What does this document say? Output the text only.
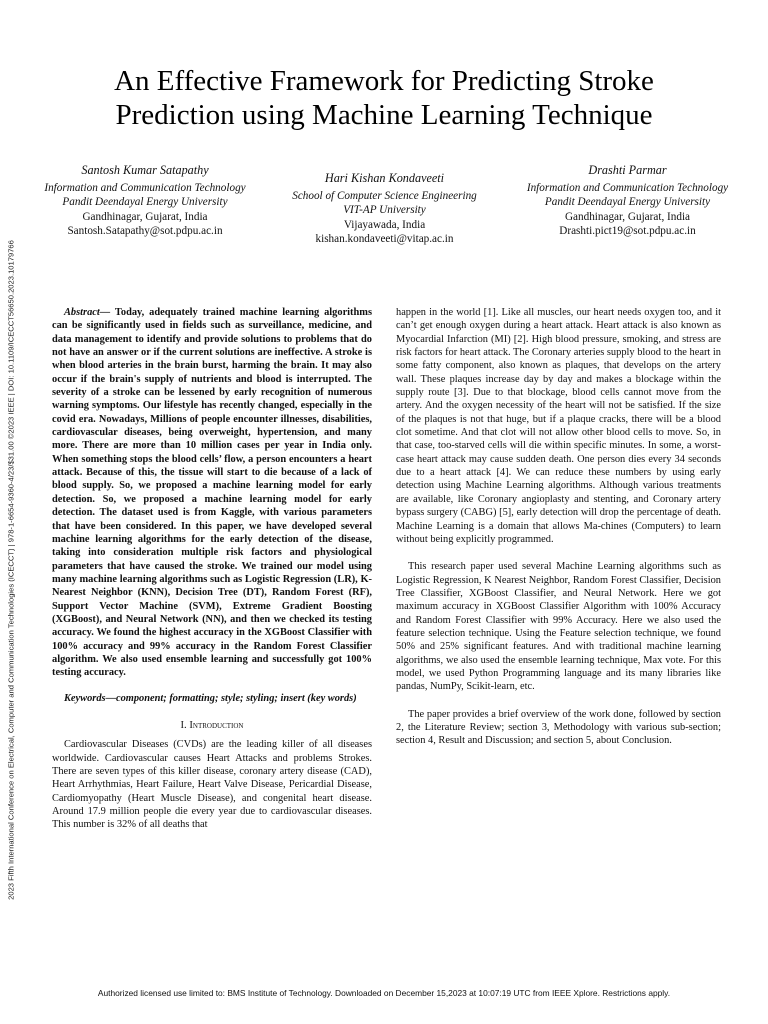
2023 Fifth International Conference on Electrical, Computer and Communication Technologies (ICECCT) | 978-1-6654-9360-4/23/$31.00 ©2023 IEEE | DOI: 10.1109/ICECCT56650.2023.10179766
An Effective Framework for Predicting Stroke Prediction using Machine Learning Technique
Santosh Kumar Satapathy
Information and Communication Technology
Pandit Deendayal Energy University
Gandhinagar, Gujarat, India
Santosh.Satapathy@sot.pdpu.ac.in
Hari Kishan Kondaveeti
School of Computer Science Engineering
VIT-AP University
Vijayawada, India
kishan.kondaveeti@vitap.ac.in
Drashti Parmar
Information and Communication Technology
Pandit Deendayal Energy University
Gandhinagar, Gujarat, India
Drashti.pict19@sot.pdpu.ac.in

Abstract— Today, adequately trained machine learning algorithms can be significantly used in fields such as surveillance, medicine, and data management to identify and provide solutions to problems that do not have an answer or if the current solutions are ineffective. A stroke is when blood arteries in the brain burst, harming the brain. It may also occur if the brain's supply of nutrients and blood is interrupted. The severity of a stroke can be lessened by early recognition of numerous warning symptoms. Our lifestyle has recently changed, especially in the covid era. Nowadays, Millions of people encounter illnesses, disabilities, cardiovascular diseases, being overweight, hypertension, and many more. There are more than 10 million cases per year in India only. When something stops the blood cells’ flow, a person encounters a heart attack. Because of this, the tissue will start to die because of a lack of blood supply. So, we proposed a machine learning model for early detection. So, we proposed a machine learning model for early detection. The dataset used is from Kaggle, with various parameters that have been considered. In this paper, we have developed several machine learning algorithms for the early detection of the disease, taking into consideration multiple risk factors and physiological parameters that have caused the stroke. We trained our model using many machine learning algorithms such as Logistic Regression (LR), K-Nearest Neighbor (KNN), Decision Tree (DT), Random Forest (RF), Support Vector Machine (SVM), Extreme Gradient Boosting (XGBoost), and Neural Network (NN), and then we checked its testing accuracy. We found the highest accuracy in the XGBoost Classifier with 100% accuracy and 99% accuracy in the Random Forest Classifier algorithm. We also used ensemble learning and successfully got 100% testing accuracy.

Keywords—component; formatting; style; styling; insert (key words)

I. Introduction

Cardiovascular Diseases (CVDs) are the leading killer of all diseases worldwide. Cardiovascular causes Heart Attacks and problems Strokes. There are seven types of this killer disease, coronary artery disease (CAD), Heart Arrhythmias, Heart Failure, Heart Valve Disease, Pericardial Disease, Cardiomyopathy (Heart Muscle Disease), and congenital heart disease. Around 17.9 million people die every year due to cardiovascular diseases. This number is 32% of all deaths that

happen in the world [1]. Like all muscles, our heart needs oxygen too, and it can’t get enough oxygen during a heart attack. Heart attack is also known as Myocardial Infarction (MI) [2]. High blood pressure, smoking, and stress are risk factors for heart attack. The Coronary arteries supply blood to the heart in some fatty component, also known as plaques, that develops on the artery wall. These plaques increase day by day and makes a blockage within the supply route [3]. Due to that blockage, blood cells cannot move from the artery. And the oxygen necessity of the heart will not be satisfied. If the size of the plaques is not that huge, but if a plaque cracks, there will be a blood clot sometime. And that clot will not allow other blood cells to move. So, in that case, too-starved cells will die within specific minutes. In some, a worst-case heart attack may cause sudden death. One person dies every 34 seconds due to a heart attack [4]. We can reduce these numbers by using early detection using Machine Learning algorithms. Although various treatments are available, like Coronary angioplasty and stenting, and Coronary artery bypass surgery (CABG) [5], early detection will drop the percentage of death. Machine Learning is a domain that allows Ma-chines (Computers) to learn without being explicitly programmed.

This research paper used several Machine Learning algorithms such as Logistic Regression, K Nearest Neighbor, Random Forest Classifier, Decision Tree Classifier, XGBoost Classifier, and Neural Network. Here we got maximum accuracy in XGBoost Classifier Algorithm with 100% Accuracy and Random Forest Classifier with 99% Accuracy. Here we also used the feature selection technique. Using the Feature selection technique, we found 50% and 25% significant features. And with traditional machine learning algorithms, we also used the ensemble learning technique, Max vote. For this model, we used Python Programming language and its many libraries like pandas, NumPy, Scikit-learn, etc.

The paper provides a brief overview of the work done, followed by section 2, the Literature Review; section 3, Methodology with various sub-section; section 4, Result and Discussion; and section 5, about Conclusion.

Authorized licensed use limited to: BMS Institute of Technology. Downloaded on December 15,2023 at 10:07:19 UTC from IEEE Xplore. Restrictions apply.
